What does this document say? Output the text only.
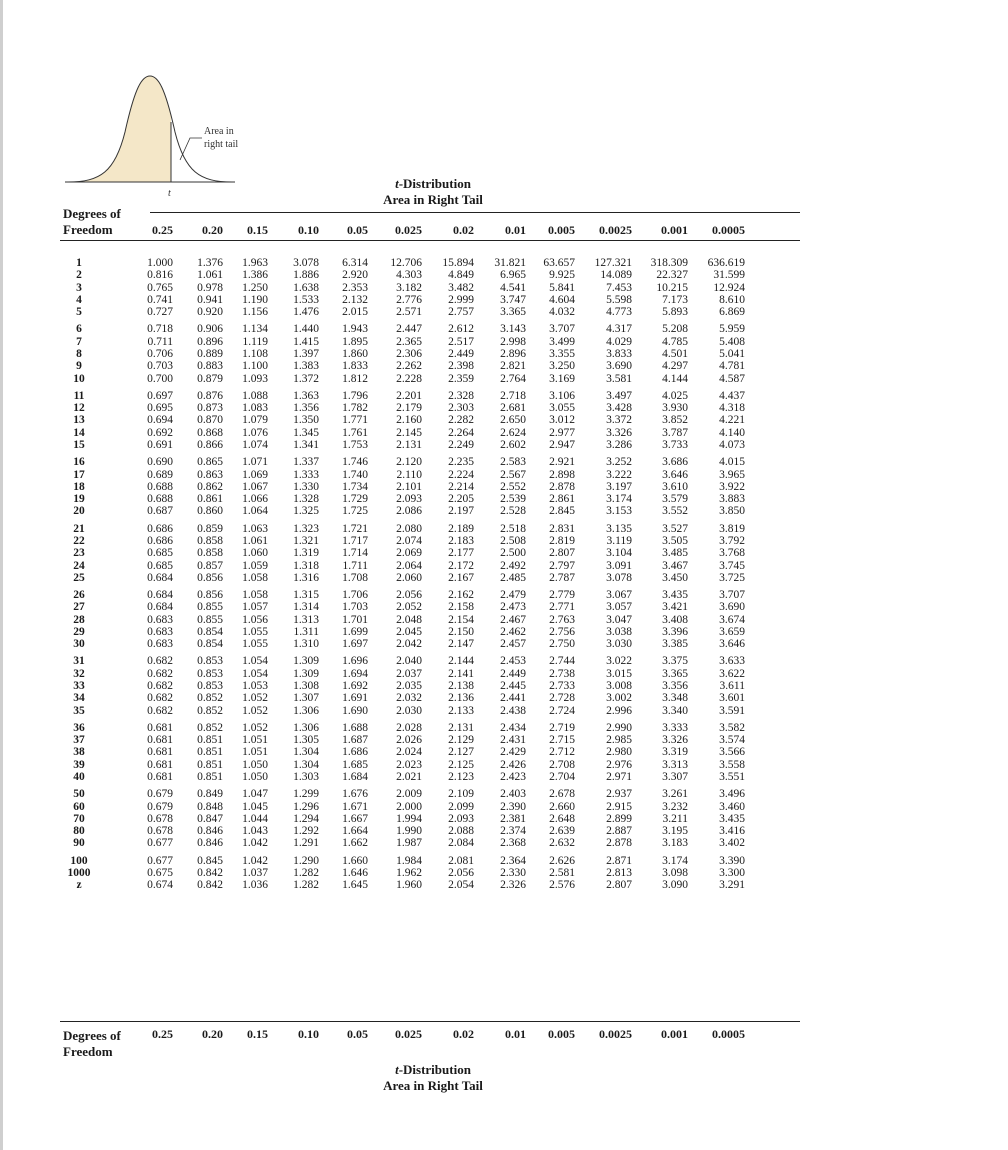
Area in
right tail
t
t-Distribution
Area in Right Tail
Degrees of
Freedom	0.25	0.20	0.15	0.10	0.05	0.025	0.02	0.01	0.005	0.0025	0.001	0.0005
1	1.000	1.376	1.963	3.078	6.314	12.706	15.894	31.821	63.657	127.321	318.309	636.619
2	0.816	1.061	1.386	1.886	2.920	4.303	4.849	6.965	9.925	14.089	22.327	31.599
3	0.765	0.978	1.250	1.638	2.353	3.182	3.482	4.541	5.841	7.453	10.215	12.924
4	0.741	0.941	1.190	1.533	2.132	2.776	2.999	3.747	4.604	5.598	7.173	8.610
5	0.727	0.920	1.156	1.476	2.015	2.571	2.757	3.365	4.032	4.773	5.893	6.869
6	0.718	0.906	1.134	1.440	1.943	2.447	2.612	3.143	3.707	4.317	5.208	5.959
7	0.711	0.896	1.119	1.415	1.895	2.365	2.517	2.998	3.499	4.029	4.785	5.408
8	0.706	0.889	1.108	1.397	1.860	2.306	2.449	2.896	3.355	3.833	4.501	5.041
9	0.703	0.883	1.100	1.383	1.833	2.262	2.398	2.821	3.250	3.690	4.297	4.781
10	0.700	0.879	1.093	1.372	1.812	2.228	2.359	2.764	3.169	3.581	4.144	4.587
11	0.697	0.876	1.088	1.363	1.796	2.201	2.328	2.718	3.106	3.497	4.025	4.437
12	0.695	0.873	1.083	1.356	1.782	2.179	2.303	2.681	3.055	3.428	3.930	4.318
13	0.694	0.870	1.079	1.350	1.771	2.160	2.282	2.650	3.012	3.372	3.852	4.221
14	0.692	0.868	1.076	1.345	1.761	2.145	2.264	2.624	2.977	3.326	3.787	4.140
15	0.691	0.866	1.074	1.341	1.753	2.131	2.249	2.602	2.947	3.286	3.733	4.073
16	0.690	0.865	1.071	1.337	1.746	2.120	2.235	2.583	2.921	3.252	3.686	4.015
17	0.689	0.863	1.069	1.333	1.740	2.110	2.224	2.567	2.898	3.222	3.646	3.965
18	0.688	0.862	1.067	1.330	1.734	2.101	2.214	2.552	2.878	3.197	3.610	3.922
19	0.688	0.861	1.066	1.328	1.729	2.093	2.205	2.539	2.861	3.174	3.579	3.883
20	0.687	0.860	1.064	1.325	1.725	2.086	2.197	2.528	2.845	3.153	3.552	3.850
21	0.686	0.859	1.063	1.323	1.721	2.080	2.189	2.518	2.831	3.135	3.527	3.819
22	0.686	0.858	1.061	1.321	1.717	2.074	2.183	2.508	2.819	3.119	3.505	3.792
23	0.685	0.858	1.060	1.319	1.714	2.069	2.177	2.500	2.807	3.104	3.485	3.768
24	0.685	0.857	1.059	1.318	1.711	2.064	2.172	2.492	2.797	3.091	3.467	3.745
25	0.684	0.856	1.058	1.316	1.708	2.060	2.167	2.485	2.787	3.078	3.450	3.725
26	0.684	0.856	1.058	1.315	1.706	2.056	2.162	2.479	2.779	3.067	3.435	3.707
27	0.684	0.855	1.057	1.314	1.703	2.052	2.158	2.473	2.771	3.057	3.421	3.690
28	0.683	0.855	1.056	1.313	1.701	2.048	2.154	2.467	2.763	3.047	3.408	3.674
29	0.683	0.854	1.055	1.311	1.699	2.045	2.150	2.462	2.756	3.038	3.396	3.659
30	0.683	0.854	1.055	1.310	1.697	2.042	2.147	2.457	2.750	3.030	3.385	3.646
31	0.682	0.853	1.054	1.309	1.696	2.040	2.144	2.453	2.744	3.022	3.375	3.633
32	0.682	0.853	1.054	1.309	1.694	2.037	2.141	2.449	2.738	3.015	3.365	3.622
33	0.682	0.853	1.053	1.308	1.692	2.035	2.138	2.445	2.733	3.008	3.356	3.611
34	0.682	0.852	1.052	1.307	1.691	2.032	2.136	2.441	2.728	3.002	3.348	3.601
35	0.682	0.852	1.052	1.306	1.690	2.030	2.133	2.438	2.724	2.996	3.340	3.591
36	0.681	0.852	1.052	1.306	1.688	2.028	2.131	2.434	2.719	2.990	3.333	3.582
37	0.681	0.851	1.051	1.305	1.687	2.026	2.129	2.431	2.715	2.985	3.326	3.574
38	0.681	0.851	1.051	1.304	1.686	2.024	2.127	2.429	2.712	2.980	3.319	3.566
39	0.681	0.851	1.050	1.304	1.685	2.023	2.125	2.426	2.708	2.976	3.313	3.558
40	0.681	0.851	1.050	1.303	1.684	2.021	2.123	2.423	2.704	2.971	3.307	3.551
50	0.679	0.849	1.047	1.299	1.676	2.009	2.109	2.403	2.678	2.937	3.261	3.496
60	0.679	0.848	1.045	1.296	1.671	2.000	2.099	2.390	2.660	2.915	3.232	3.460
70	0.678	0.847	1.044	1.294	1.667	1.994	2.093	2.381	2.648	2.899	3.211	3.435
80	0.678	0.846	1.043	1.292	1.664	1.990	2.088	2.374	2.639	2.887	3.195	3.416
90	0.677	0.846	1.042	1.291	1.662	1.987	2.084	2.368	2.632	2.878	3.183	3.402
100	0.677	0.845	1.042	1.290	1.660	1.984	2.081	2.364	2.626	2.871	3.174	3.390
1000	0.675	0.842	1.037	1.282	1.646	1.962	2.056	2.330	2.581	2.813	3.098	3.300
z	0.674	0.842	1.036	1.282	1.645	1.960	2.054	2.326	2.576	2.807	3.090	3.291
Degrees of
Freedom
0.25	0.20	0.15	0.10	0.05	0.025	0.02	0.01	0.005	0.0025	0.001	0.0005
t-Distribution
Area in Right Tail
